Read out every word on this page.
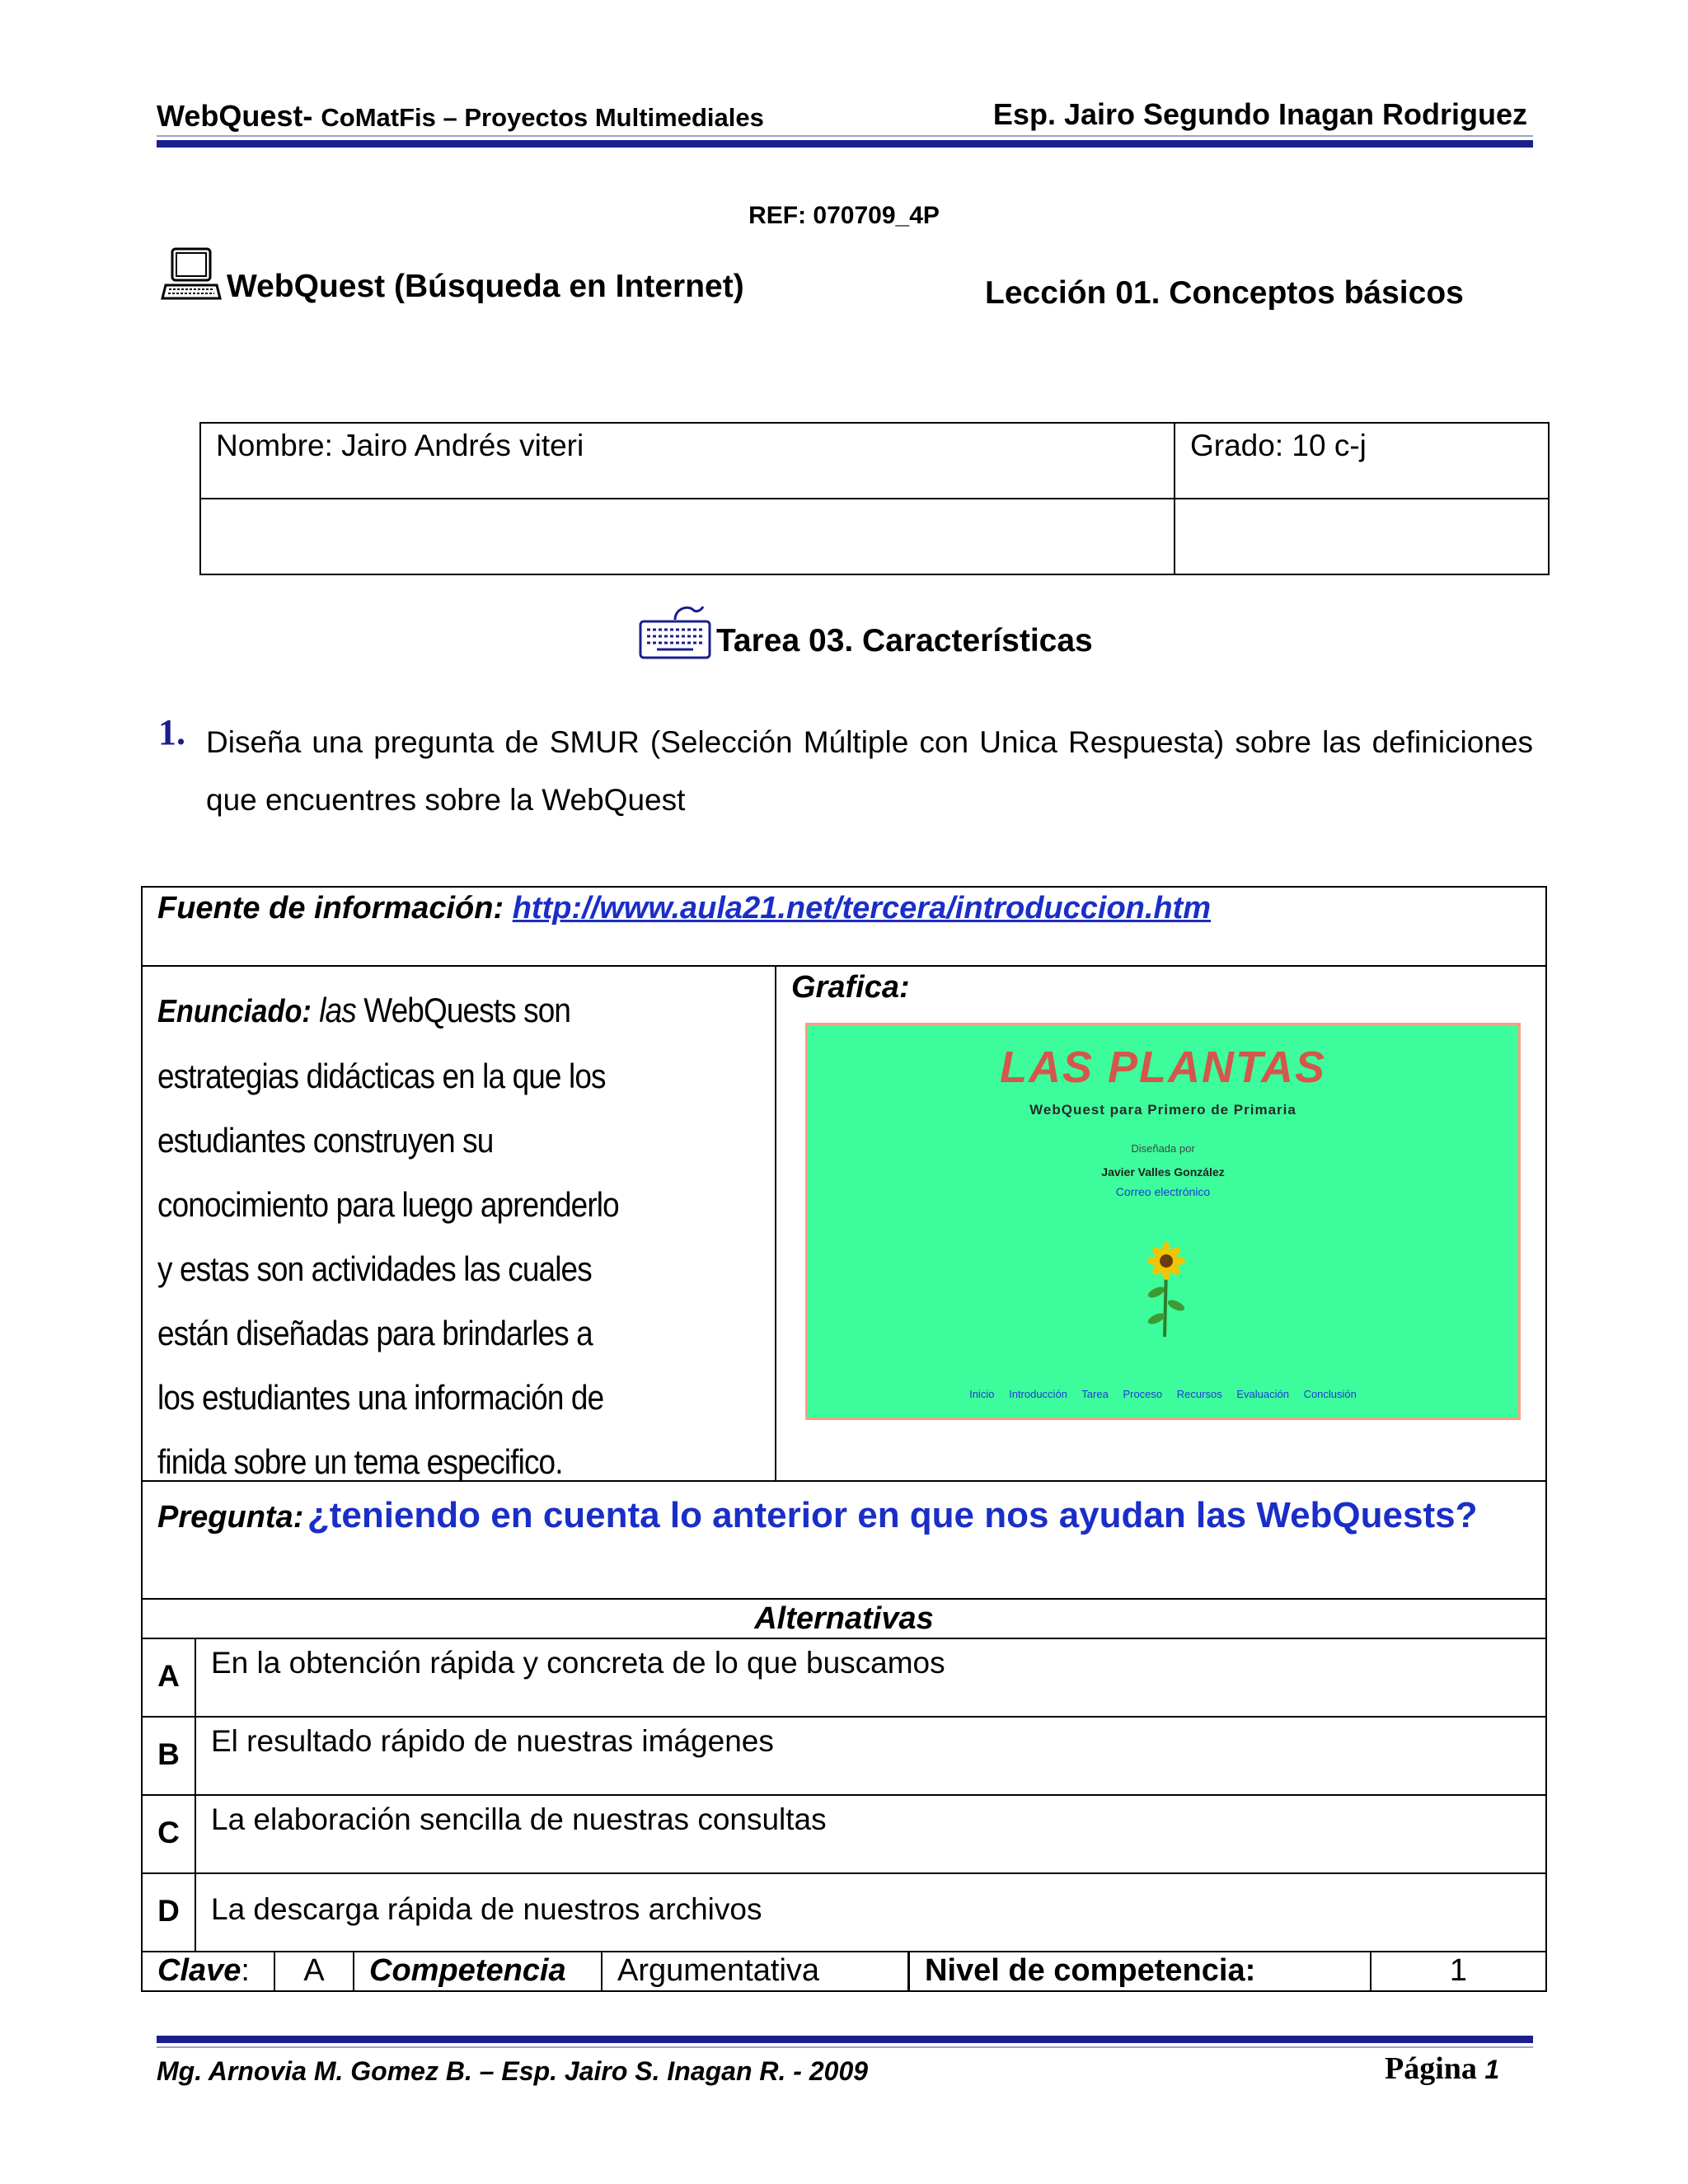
WebQuest- CoMatFis – Proyectos Multimediales	Esp. Jairo Segundo Inagan Rodriguez
REF: 070709_4P
WebQuest (Búsqueda en Internet)	Lección 01. Conceptos básicos
Nombre: Jairo Andrés viteri	Grado: 10 c-j

Tarea 03. Características
1. Diseña una pregunta de SMUR (Selección Múltiple con Unica Respuesta) sobre las definiciones que encuentres sobre la WebQuest
Fuente de información: http://www.aula21.net/tercera/introduccion.htm
Enunciado: las WebQuests son estrategias didácticas en la que los estudiantes construyen su conocimiento para luego aprenderlo y estas son actividades las cuales están diseñadas para brindarles a los estudiantes una información de finida sobre un tema especifico.
Grafica:
LAS PLANTAS
WebQuest para Primero de Primaria
Diseñada por
Javier Valles González
Correo electrónico
Inicio Introducción Tarea Proceso Recursos Evaluación Conclusión
Pregunta: ¿teniendo en cuenta lo anterior en que nos ayudan las WebQuests?
Alternativas
A	En la obtención rápida y concreta de lo que buscamos
B	El resultado rápido de nuestras imágenes
C	La elaboración sencilla de nuestras consultas
D	La descarga rápida de nuestros archivos
Clave:	A	Competencia	Argumentativa	Nivel de competencia:	1
Mg. Arnovia M. Gomez B. – Esp. Jairo S. Inagan R. - 2009	Página 1
